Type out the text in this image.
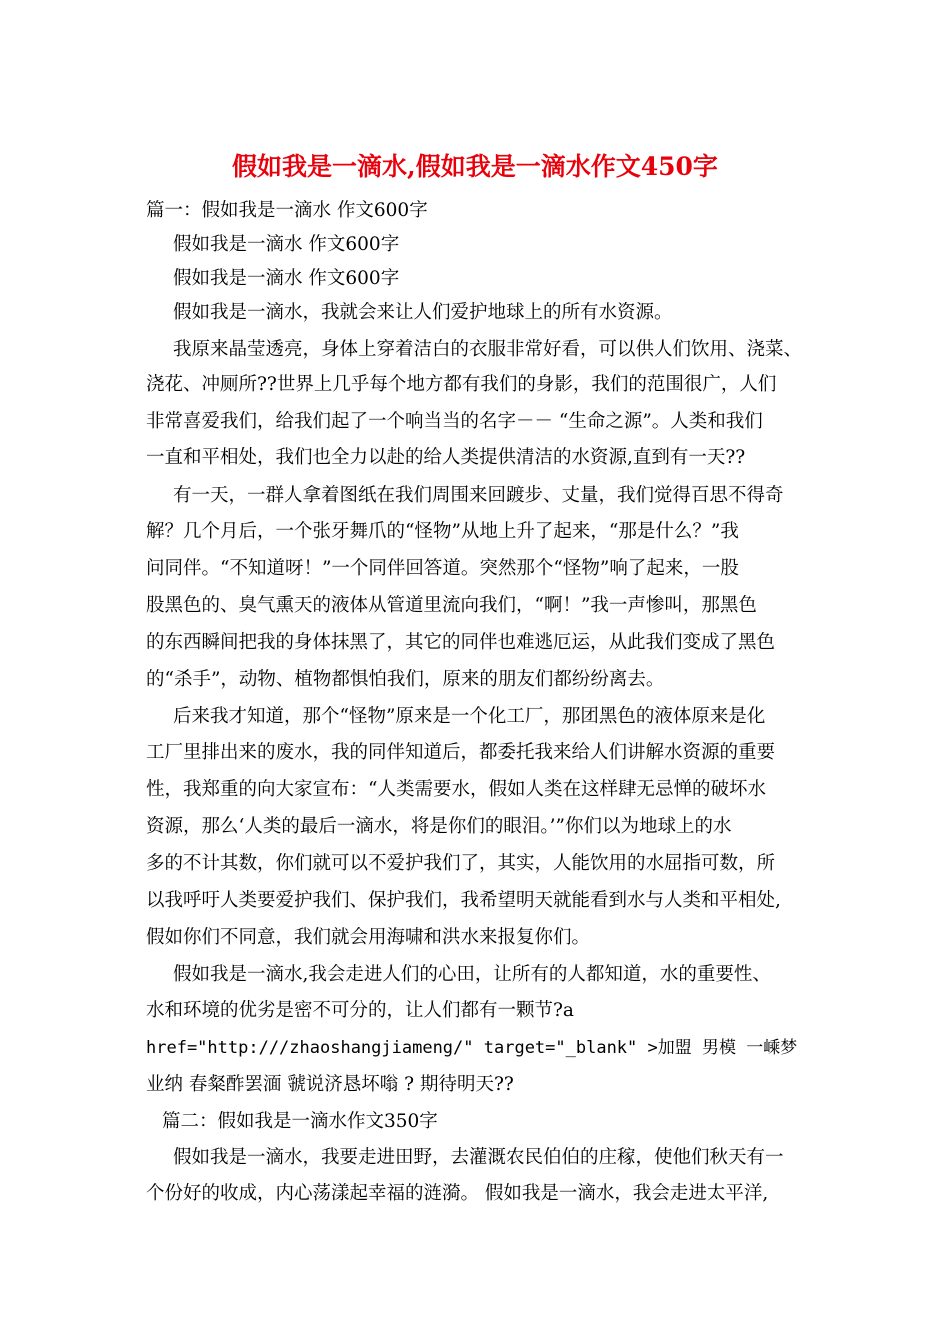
假如我是一滴水,假如我是一滴水作文450字
篇一：假如我是一滴水 作文600字
假如我是一滴水 作文600字
假如我是一滴水 作文600字
假如我是一滴水，我就会来让人们爱护地球上的所有水资源。
我原来晶莹透亮，身体上穿着洁白的衣服非常好看，可以供人们饮用、浇菜、
浇花、冲厕所??世界上几乎每个地方都有我们的身影，我们的范围很广，人们
非常喜爱我们，给我们起了一个响当当的名字－－ “生命之源”。人类和我们
一直和平相处，我们也全力以赴的给人类提供清洁的水资源,直到有一天??
有一天，一群人拿着图纸在我们周围来回踱步、丈量，我们觉得百思不得奇
解？几个月后，一个张牙舞爪的“怪物”从地上升了起来，“那是什么？”我
问同伴。“不知道呀！”一个同伴回答道。突然那个“怪物”响了起来，一股
股黑色的、臭气熏天的液体从管道里流向我们，“啊！”我一声惨叫，那黑色
的东西瞬间把我的身体抹黑了，其它的同伴也难逃厄运，从此我们变成了黑色
的“杀手”，动物、植物都惧怕我们，原来的朋友们都纷纷离去。
后来我才知道，那个“怪物”原来是一个化工厂，那团黑色的液体原来是化
工厂里排出来的废水，我的同伴知道后，都委托我来给人们讲解水资源的重要
性，我郑重的向大家宣布：“人类需要水，假如人类在这样肆无忌惮的破坏水
资源，那么‘人类的最后一滴水，将是你们的眼泪。’”你们以为地球上的水
多的不计其数，你们就可以不爱护我们了，其实，人能饮用的水屈指可数，所
以我呼吁人类要爱护我们、保护我们，我希望明天就能看到水与人类和平相处,
假如你们不同意，我们就会用海啸和洪水来报复你们。
假如我是一滴水,我会走进人们的心田，让所有的人都知道，水的重要性、
水和环境的优劣是密不可分的，让人们都有一颗节?a
href="http:///zhaoshangjiameng/" target="_blank" >加盟 男模 一嵊梦
业纳 春粲酢罢湎 虢说济恳坏嗡 ? 期待明天??
篇二：假如我是一滴水作文350字
假如我是一滴水，我要走进田野，去灌溉农民伯伯的庄稼，使他们秋天有一
个份好的收成，内心荡漾起幸福的涟漪。 假如我是一滴水，我会走进太平洋,
